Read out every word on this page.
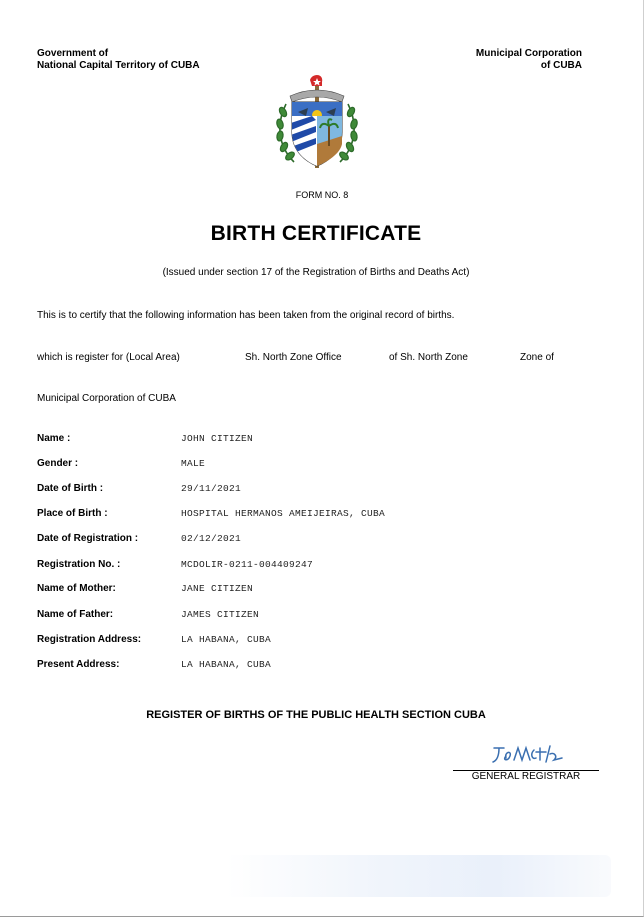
Government of
National Capital Territory of CUBA
Municipal Corporation
of CUBA
FORM NO. 8
BIRTH CERTIFICATE
(Issued under section 17 of the Registration of Births and Deaths Act)
This is to certify that the following information has been taken from the original record of births.
which is register for (Local Area)	Sh. North Zone Office	of Sh. North Zone	Zone of
Municipal Corporation of CUBA
Name :	JOHN CITIZEN
Gender :	MALE
Date of Birth :	29/11/2021
Place of Birth :	HOSPITAL HERMANOS AMEIJEIRAS, CUBA
Date of Registration :	02/12/2021
Registration No. :	MCDOLIR-0211-004409247
Name of Mother:	JANE CITIZEN
Name of Father:	JAMES CITIZEN
Registration Address:	LA HABANA, CUBA
Present Address:	LA HABANA, CUBA
REGISTER OF BIRTHS OF THE PUBLIC HEALTH SECTION CUBA
GENERAL REGISTRAR
